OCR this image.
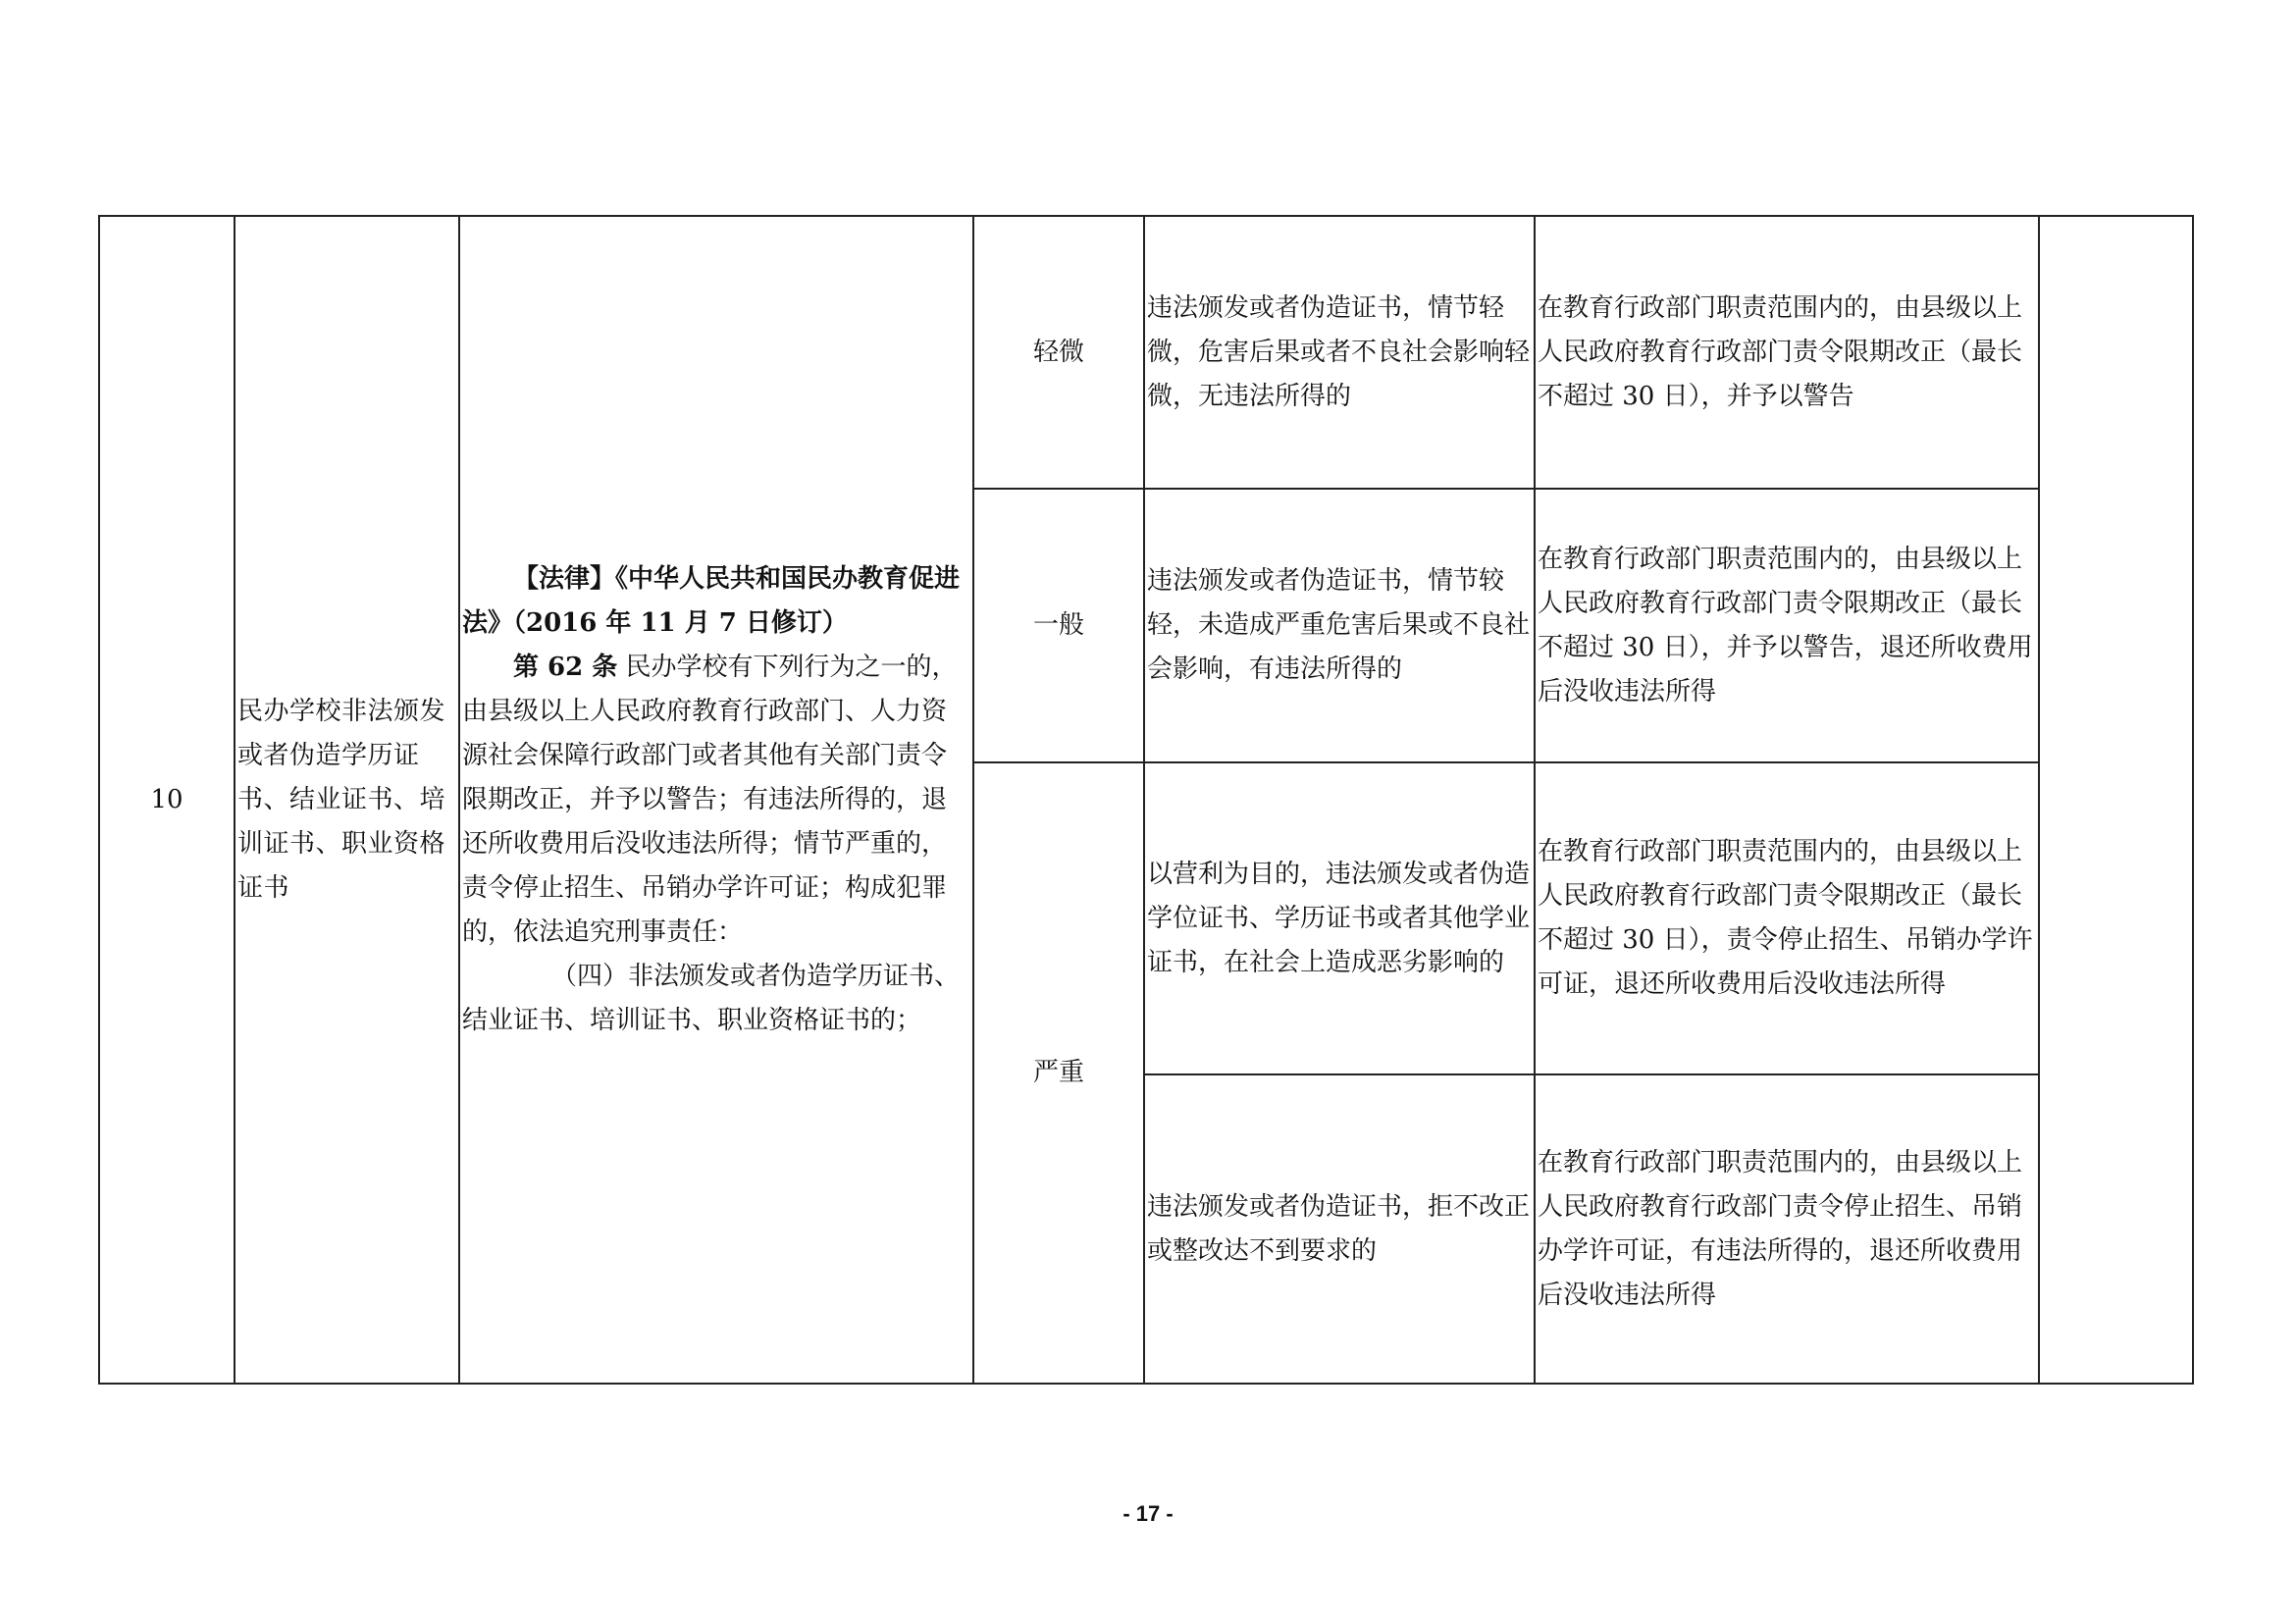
10	民办学校非法颁发或者伪造学历证书、结业证书、培训证书、职业资格 证书	【法律】《中华人民共和国民办教育促进法》（2016 年 11 月 7 日修订）
第 62 条 民办学校有下列行为之一的，由县级以上人民政府教育行政部门、人力资源社会保障行政部门或者其他有关部门责令限期改正，并予以警告；有违法所得的，退还所收费用后没收违法所得；情节严重的，责令停止招生、吊销办学许可证；构成犯罪的，依法追究刑事责任：
（四）非法颁发或者伪造学历证书、结业证书、培训证书、职业资格证书的；	轻微	违法颁发或者伪造证书，情节轻微，危害后果或者不良社会影响轻微，无违法所得的	在教育行政部门职责范围内的，由县级以上人民政府教育行政部门责令限期改正（最长不超过 30 日），并予以警告	
			一般	违法颁发或者伪造证书，情节较轻，未造成严重危害后果或不良社会影响，有违法所得的	在教育行政部门职责范围内的，由县级以上人民政府教育行政部门责令限期改正（最长不超过 30 日），并予以警告，退还所收费用后没收违法所得	
			严重	以营利为目的，违法颁发或者伪造学位证书、学历证书或者其他学业证书，在社会上造成恶劣影响的	在教育行政部门职责范围内的，由县级以上人民政府教育行政部门责令限期改正（最长不超过 30 日），责令停止招生、吊销办学许可证，退还所收费用后没收违法所得	
				违法颁发或者伪造证书，拒不改正或整改达不到要求的	在教育行政部门职责范围内的，由县级以上人民政府教育行政部门责令停止招生、吊销办学许可证，有违法所得的，退还所收费用后没收违法所得	
- 17 -
